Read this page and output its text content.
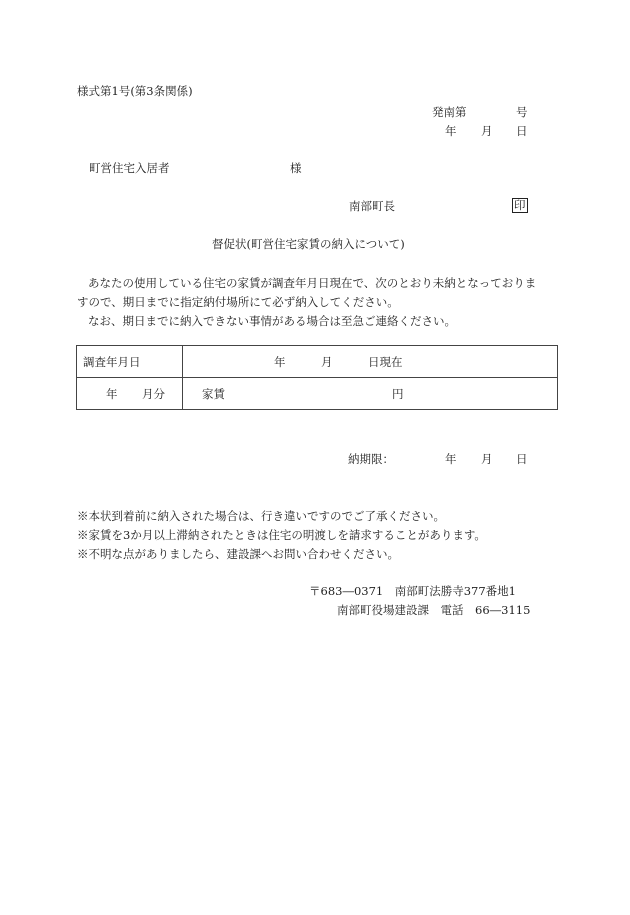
様式第1号(第3条関係)
発南第	号
年 月 日
町営住宅入居者	様
南部町長	印
督促状(町営住宅家賃の納入について)
あなたの使用している住宅の家賃が調査年月日現在で、次のとおり未納となっておりま
すので、期日までに指定納付場所にて必ず納入してください。
なお、期日までに納入できない事情がある場合は至急ご連絡ください。
調査年月日	年 月 日現在

年 月分	家賃 円
納期限：	年 月 日
※本状到着前に納入された場合は、行き違いですのでご了承ください。
※家賃を3か月以上滞納されたときは住宅の明渡しを請求することがあります。
※不明な点がありましたら、建設課へお問い合わせください。
〒683―0371　南部町法勝寺377番地1
南部町役場建設課　電話　66―3115
